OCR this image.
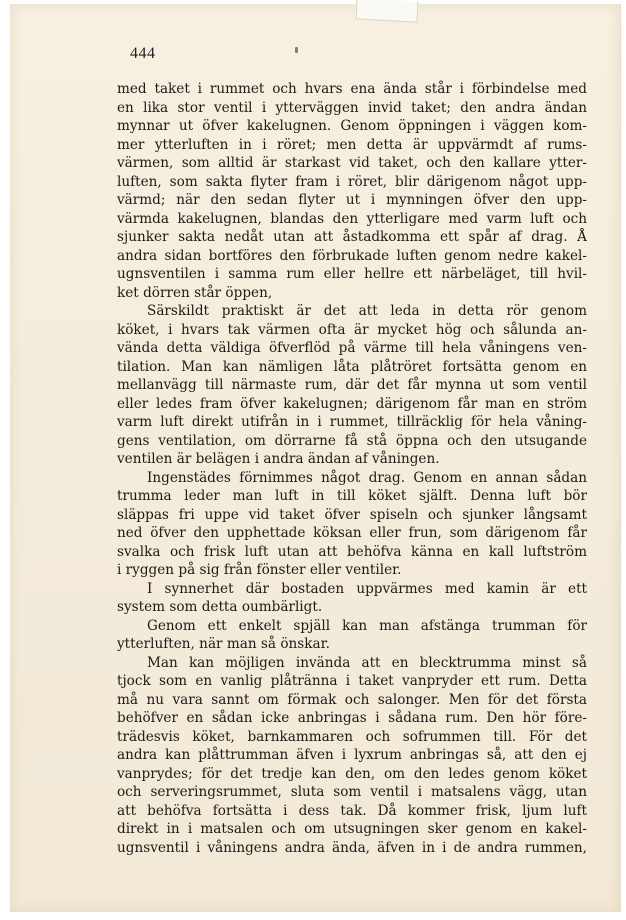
444
med taket i rummet och hvars ena ända står i förbindelse med
en lika stor ventil i ytterväggen invid taket; den andra ändan
mynnar ut öfver kakelugnen. Genom öppningen i väggen kom-
mer ytterluften in i röret; men detta är uppvärmdt af rums-
värmen, som alltid är starkast vid taket, och den kallare ytter-
luften, som sakta flyter fram i röret, blir därigenom något upp-
värmd; när den sedan flyter ut i mynningen öfver den upp-
värmda kakelugnen, blandas den ytterligare med varm luft och
sjunker sakta nedåt utan att åstadkomma ett spår af drag. Å
andra sidan bortföres den förbrukade luften genom nedre kakel-
ugnsventilen i samma rum eller hellre ett närbeläget, till hvil-
ket dörren står öppen,
Särskildt praktiskt är det att leda in detta rör genom
köket, i hvars tak värmen ofta är mycket hög och sålunda an-
vända detta väldiga öfverflöd på värme till hela våningens ven-
tilation. Man kan nämligen låta plåtröret fortsätta genom en
mellanvägg till närmaste rum, där det får mynna ut som ventil
eller ledes fram öfver kakelugnen; därigenom får man en ström
varm luft direkt utifrån in i rummet, tillräcklig för hela våning-
gens ventilation, om dörrarne få stå öppna och den utsugande
ventilen är belägen i andra ändan af våningen.
Ingenstädes förnimmes något drag. Genom en annan sådan
trumma leder man luft in till köket själft. Denna luft bör
släppas fri uppe vid taket öfver spiseln och sjunker långsamt
ned öfver den upphettade köksan eller frun, som därigenom får
svalka och frisk luft utan att behöfva känna en kall luftström
i ryggen på sig från fönster eller ventiler.
I synnerhet där bostaden uppvärmes med kamin är ett
system som detta oumbärligt.
Genom ett enkelt spjäll kan man afstänga trumman för
ytterluften, när man så önskar.
Man kan möjligen invända att en blecktrumma minst så
tjock som en vanlig plåtränna i taket vanpryder ett rum. Detta
må nu vara sannt om förmak och salonger. Men för det första
behöfver en sådan icke anbringas i sådana rum. Den hör före-
trädesvis köket, barnkammaren och sofrummen till. För det
andra kan plåttrumman äfven i lyxrum anbringas så, att den ej
vanprydes; för det tredje kan den, om den ledes genom köket
och serveringsrummet, sluta som ventil i matsalens vägg, utan
att behöfva fortsätta i dess tak. Då kommer frisk, ljum luft
direkt in i matsalen och om utsugningen sker genom en kakel-
ugnsventil i våningens andra ända, äfven in i de andra rummen,
